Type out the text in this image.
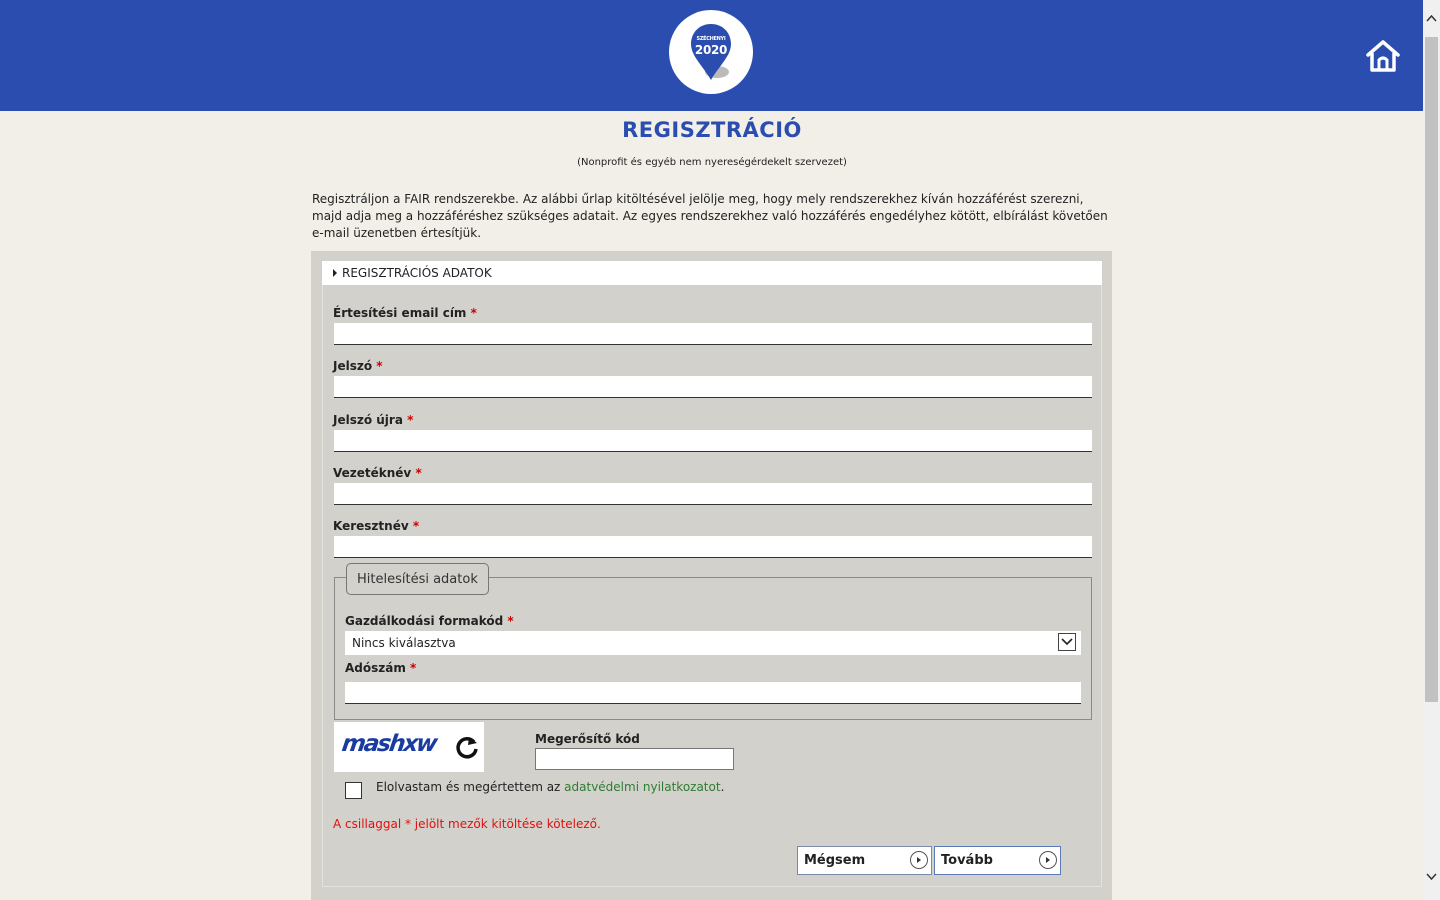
SZÉCHENYI
2020
REGISZTRÁCIÓ
(Nonprofit és egyéb nem nyereségérdekelt szervezet)
Regisztráljon a FAIR rendszerekbe. Az alábbi űrlap kitöltésével jelölje meg, hogy mely rendszerekhez kíván hozzáférést szerezni, majd adja meg a hozzáféréshez szükséges adatait. Az egyes rendszerekhez való hozzáférés engedélyhez kötött, elbírálást követően e-mail üzenetben értesítjük.
REGISZTRÁCIÓS ADATOK
Értesítési email cím *
Jelszó *
Jelszó újra *
Vezetéknév *
Keresztnév *
Hitelesítési adatok
Gazdálkodási formakód *
Nincs kiválasztva
Adószám *
mashxw	Megerősítő kód
Elolvastam és megértettem az adatvédelmi nyilatkozatot.
A csillaggal * jelölt mezők kitöltése kötelező.
Mégsem	Tovább
